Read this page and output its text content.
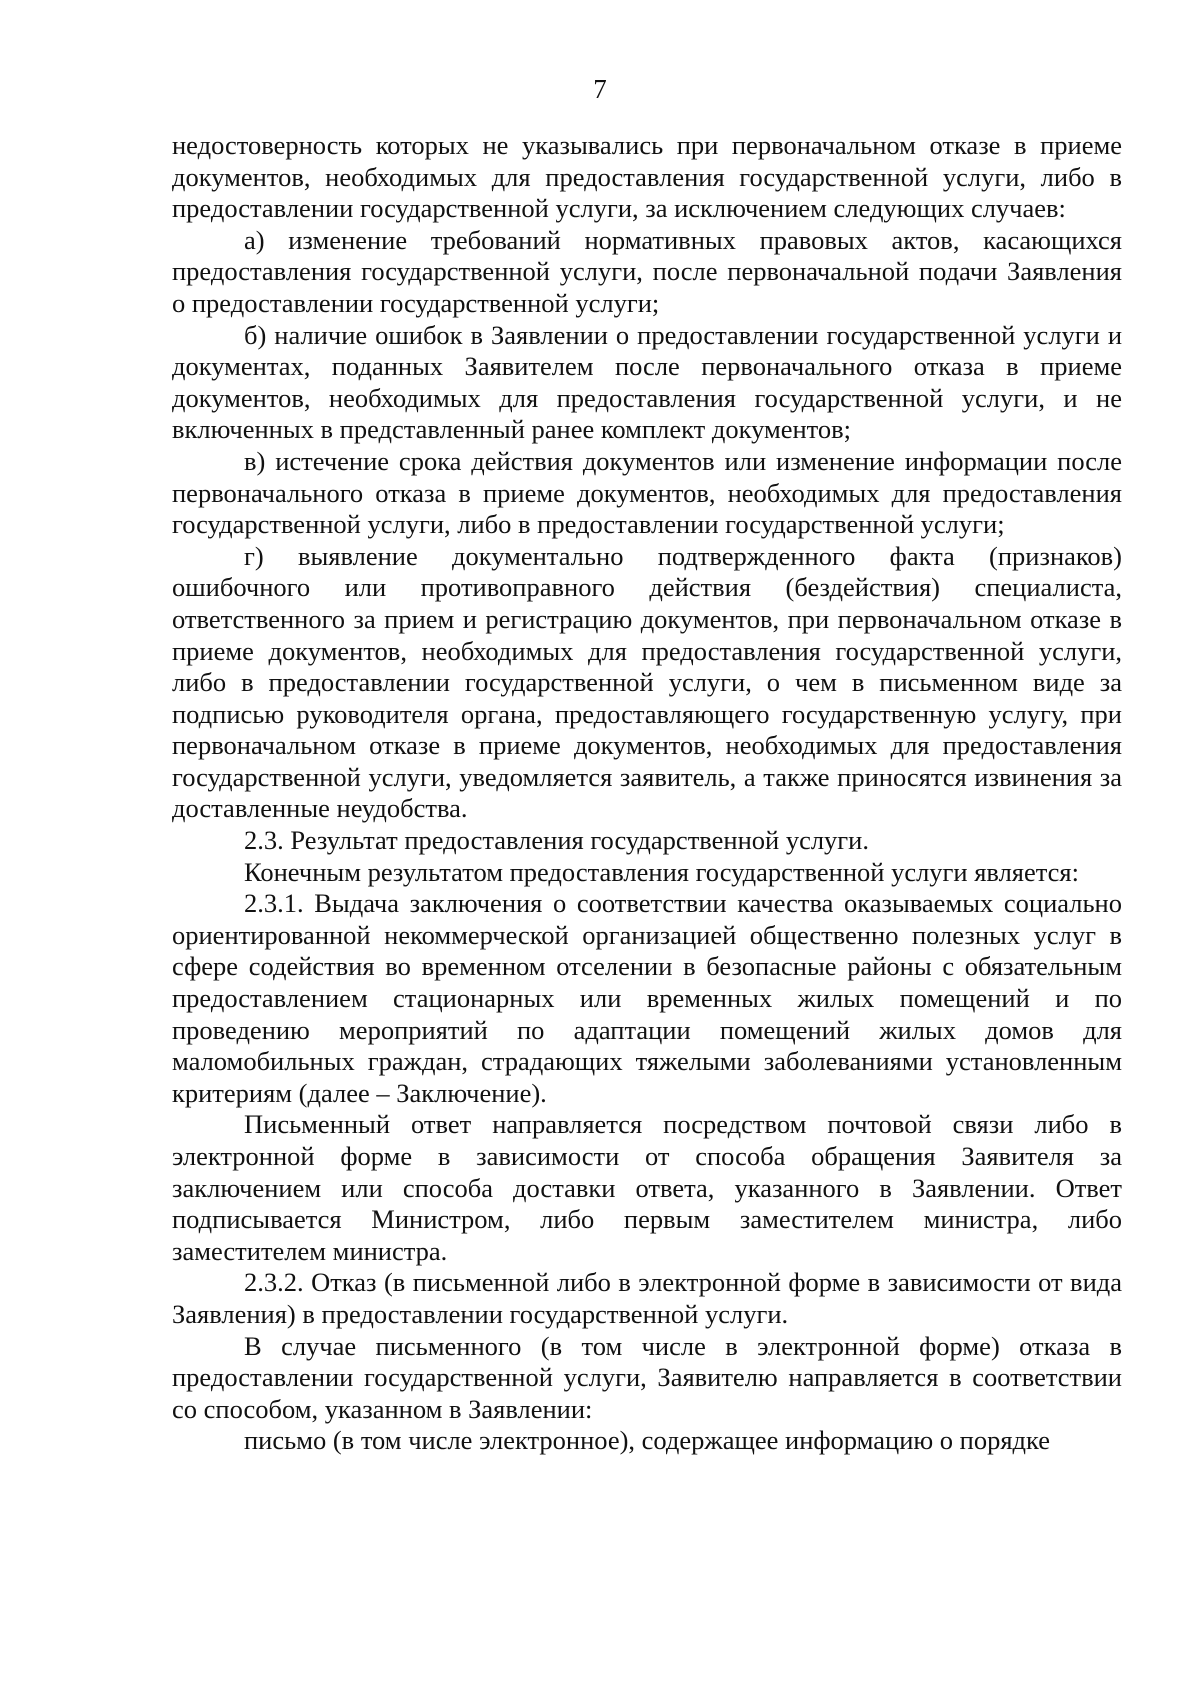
7

недостоверность которых не указывались при первоначальном отказе в приеме документов, необходимых для предоставления государственной услуги, либо в предоставлении государственной услуги, за исключением следующих случаев:

а) изменение требований нормативных правовых актов, касающихся предоставления государственной услуги, после первоначальной подачи Заявления о предоставлении государственной услуги;

б) наличие ошибок в Заявлении о предоставлении государственной услуги и документах, поданных Заявителем после первоначального отказа в приеме документов, необходимых для предоставления государственной услуги, и не включенных в представленный ранее комплект документов;

в) истечение срока действия документов или изменение информации после первоначального отказа в приеме документов, необходимых для предоставления государственной услуги, либо в предоставлении государственной услуги;

г) выявление документально подтвержденного факта (признаков) ошибочного или противоправного действия (бездействия) специалиста, ответственного за прием и регистрацию документов, при первоначальном отказе в приеме документов, необходимых для предоставления государственной услуги, либо в предоставлении государственной услуги, о чем в письменном виде за подписью руководителя органа, предоставляющего государственную услугу, при первоначальном отказе в приеме документов, необходимых для предоставления государственной услуги, уведомляется заявитель, а также приносятся извинения за доставленные неудобства.

2.3. Результат предоставления государственной услуги.

Конечным результатом предоставления государственной услуги является:

2.3.1. Выдача заключения о соответствии качества оказываемых социально ориентированной некоммерческой организацией общественно полезных услуг в сфере содействия во временном отселении в безопасные районы с обязательным предоставлением стационарных или временных жилых помещений и по проведению мероприятий по адаптации помещений жилых домов для маломобильных граждан, страдающих тяжелыми заболеваниями установленным критериям (далее – Заключение).

Письменный ответ направляется посредством почтовой связи либо в электронной форме в зависимости от способа обращения Заявителя за заключением или способа доставки ответа, указанного в Заявлении. Ответ подписывается Министром, либо первым заместителем министра, либо заместителем министра.

2.3.2. Отказ (в письменной либо в электронной форме в зависимости от вида Заявления) в предоставлении государственной услуги.

В случае письменного (в том числе в электронной форме) отказа в предоставлении государственной услуги, Заявителю направляется в соответствии со способом, указанном в Заявлении:

письмо (в том числе электронное), содержащее информацию о порядке
